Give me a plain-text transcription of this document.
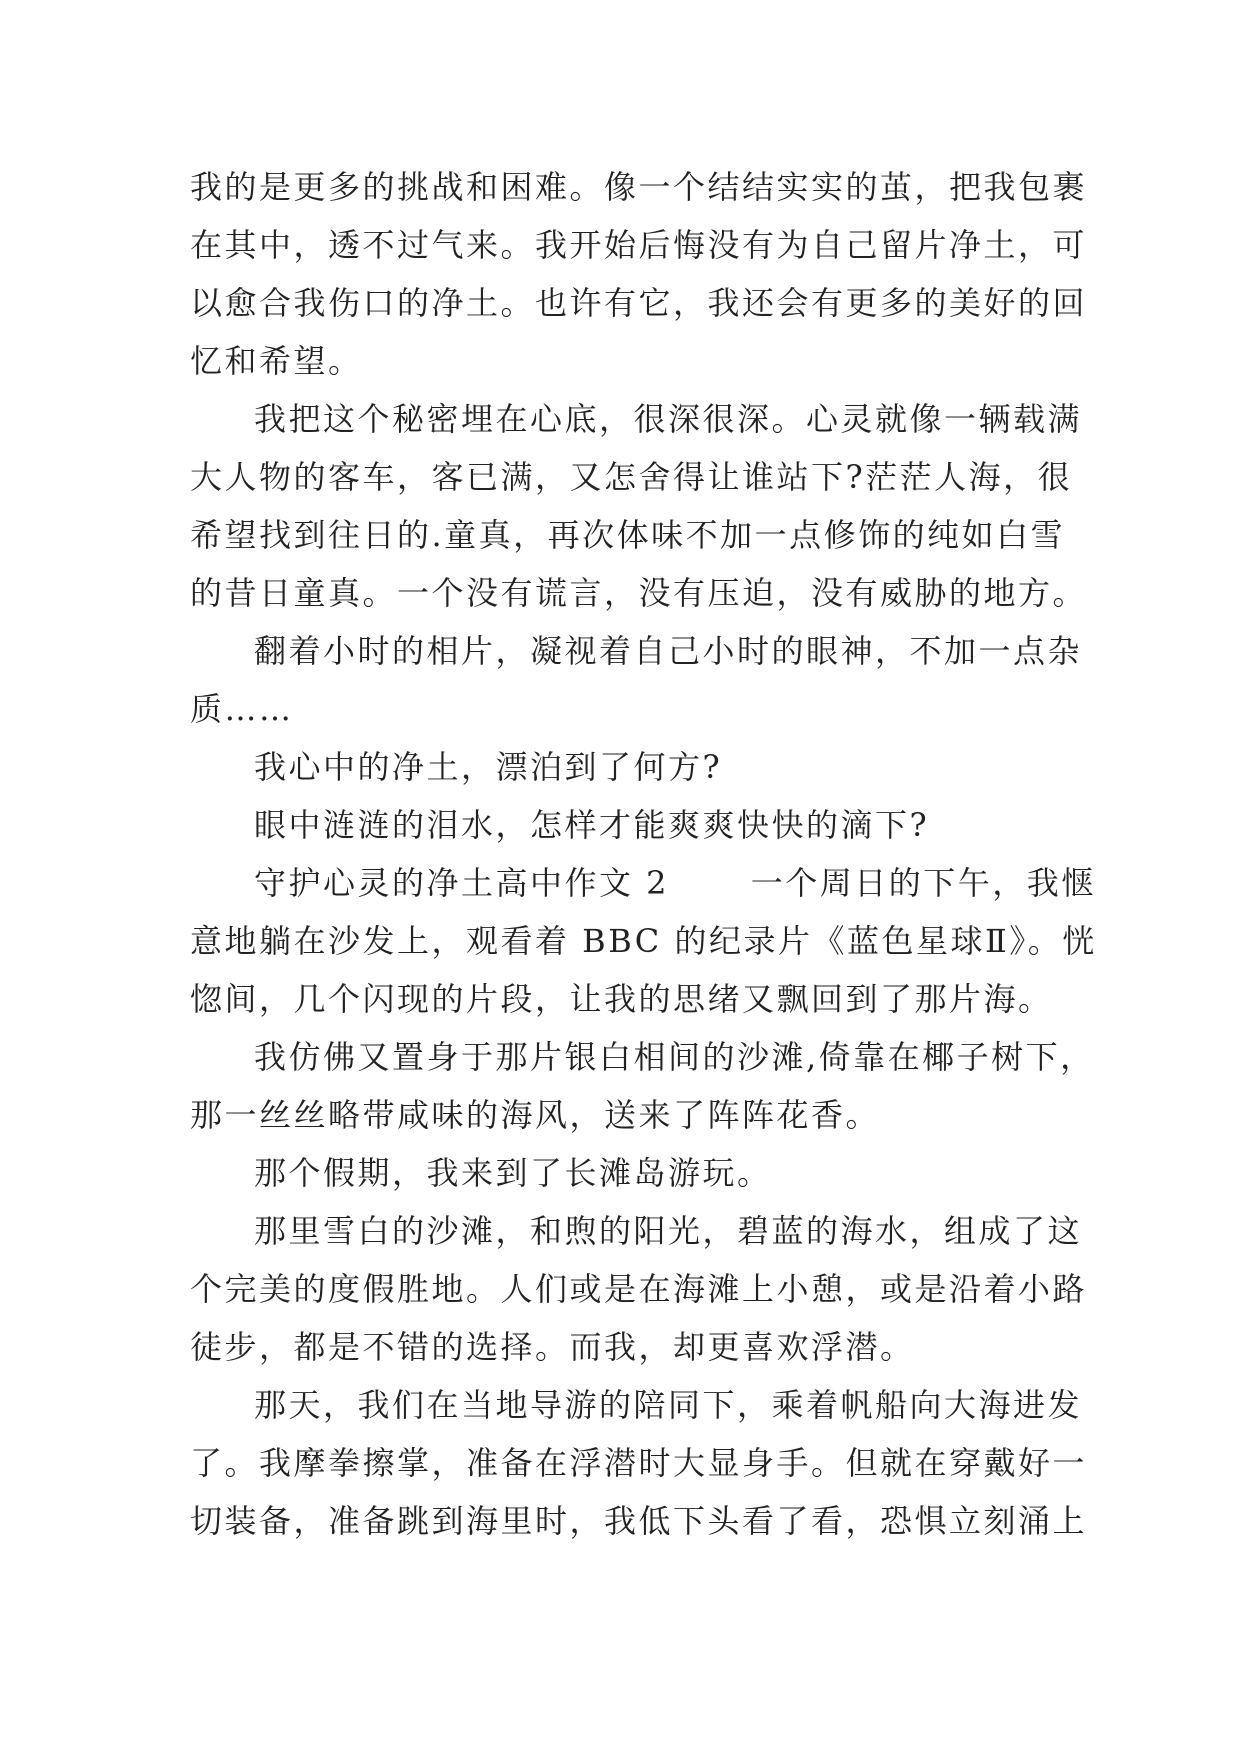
我的是更多的挑战和困难。像一个结结实实的茧，把我包裹
在其中，透不过气来。我开始后悔没有为自己留片净土，可
以愈合我伤口的净土。也许有它，我还会有更多的美好的回
忆和希望。
我把这个秘密埋在心底，很深很深。心灵就像一辆载满
大人物的客车，客已满，又怎舍得让谁站下?茫茫人海，很
希望找到往日的.童真，再次体味不加一点修饰的纯如白雪
的昔日童真。一个没有谎言，没有压迫，没有威胁的地方。
翻着小时的相片，凝视着自己小时的眼神，不加一点杂
质……
我心中的净土，漂泊到了何方?
眼中涟涟的泪水，怎样才能爽爽快快的滴下?
守护心灵的净土高中作文 2 　　一个周日的下午，我惬
意地躺在沙发上，观看着 BBC 的纪录片《蓝色星球Ⅱ》。恍
惚间，几个闪现的片段，让我的思绪又飘回到了那片海。
我仿佛又置身于那片银白相间的沙滩,倚靠在椰子树下，
那一丝丝略带咸味的海风，送来了阵阵花香。
那个假期，我来到了长滩岛游玩。
那里雪白的沙滩，和煦的阳光，碧蓝的海水，组成了这
个完美的度假胜地。人们或是在海滩上小憩，或是沿着小路
徒步，都是不错的选择。而我，却更喜欢浮潜。
那天，我们在当地导游的陪同下，乘着帆船向大海进发
了。我摩拳擦掌，准备在浮潜时大显身手。但就在穿戴好一
切装备，准备跳到海里时，我低下头看了看，恐惧立刻涌上
